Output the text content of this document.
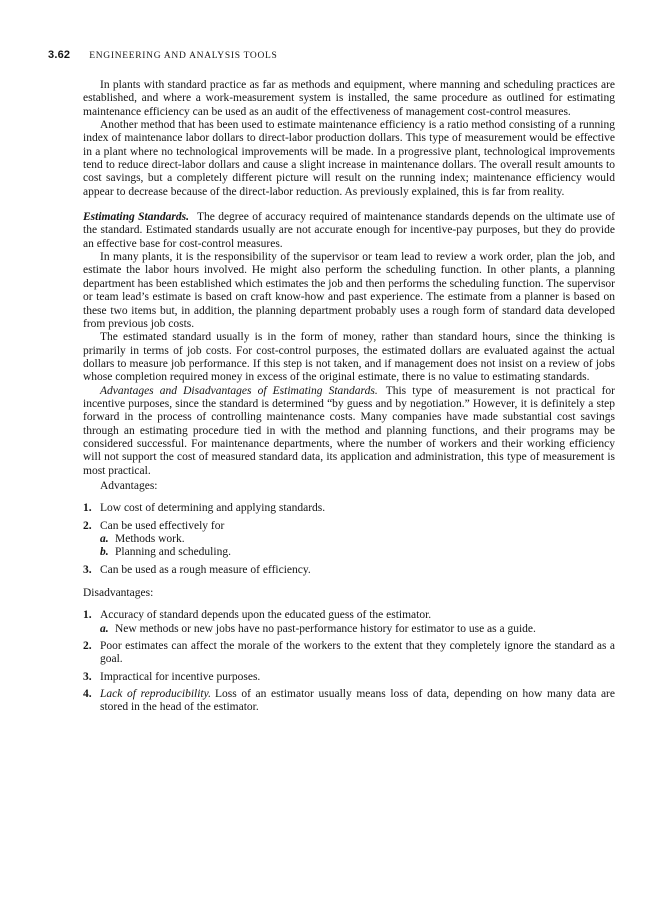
3.62 ENGINEERING AND ANALYSIS TOOLS

In plants with standard practice as far as methods and equipment, where manning and scheduling practices are established, and where a work-measurement system is installed, the same procedure as outlined for estimating maintenance efficiency can be used as an audit of the effectiveness of management cost-control measures.

Another method that has been used to estimate maintenance efficiency is a ratio method consisting of a running index of maintenance labor dollars to direct-labor production dollars. This type of measurement would be effective in a plant where no technological improvements will be made. In a progressive plant, technological improvements tend to reduce direct-labor dollars and cause a slight increase in maintenance dollars. The overall result amounts to cost savings, but a completely different picture will result on the running index; maintenance efficiency would appear to decrease because of the direct-labor reduction. As previously explained, this is far from reality.

Estimating Standards. The degree of accuracy required of maintenance standards depends on the ultimate use of the standard. Estimated standards usually are not accurate enough for incentive-pay purposes, but they do provide an effective base for cost-control measures.

In many plants, it is the responsibility of the supervisor or team lead to review a work order, plan the job, and estimate the labor hours involved. He might also perform the scheduling function. In other plants, a planning department has been established which estimates the job and then performs the scheduling function. The supervisor or team lead’s estimate is based on craft know-how and past experience. The estimate from a planner is based on these two items but, in addition, the planning department probably uses a rough form of standard data developed from previous job costs.

The estimated standard usually is in the form of money, rather than standard hours, since the thinking is primarily in terms of job costs. For cost-control purposes, the estimated dollars are evaluated against the actual dollars to measure job performance. If this step is not taken, and if management does not insist on a review of jobs whose completion required money in excess of the original estimate, there is no value to estimating standards.

Advantages and Disadvantages of Estimating Standards. This type of measurement is not practical for incentive purposes, since the standard is determined “by guess and by negotiation.” However, it is definitely a step forward in the process of controlling maintenance costs. Many companies have made substantial cost savings through an estimating procedure tied in with the method and planning functions, and their programs may be considered successful. For maintenance departments, where the number of workers and their working efficiency will not support the cost of measured standard data, its application and administration, this type of measurement is most practical.

Advantages:

1. Low cost of determining and applying standards.
2. Can be used effectively for
a. Methods work.
b. Planning and scheduling.
3. Can be used as a rough measure of efficiency.

Disadvantages:

1. Accuracy of standard depends upon the educated guess of the estimator.
a. New methods or new jobs have no past-performance history for estimator to use as a guide.
2. Poor estimates can affect the morale of the workers to the extent that they completely ignore the standard as a goal.
3. Impractical for incentive purposes.
4. Lack of reproducibility. Loss of an estimator usually means loss of data, depending on how many data are stored in the head of the estimator.
